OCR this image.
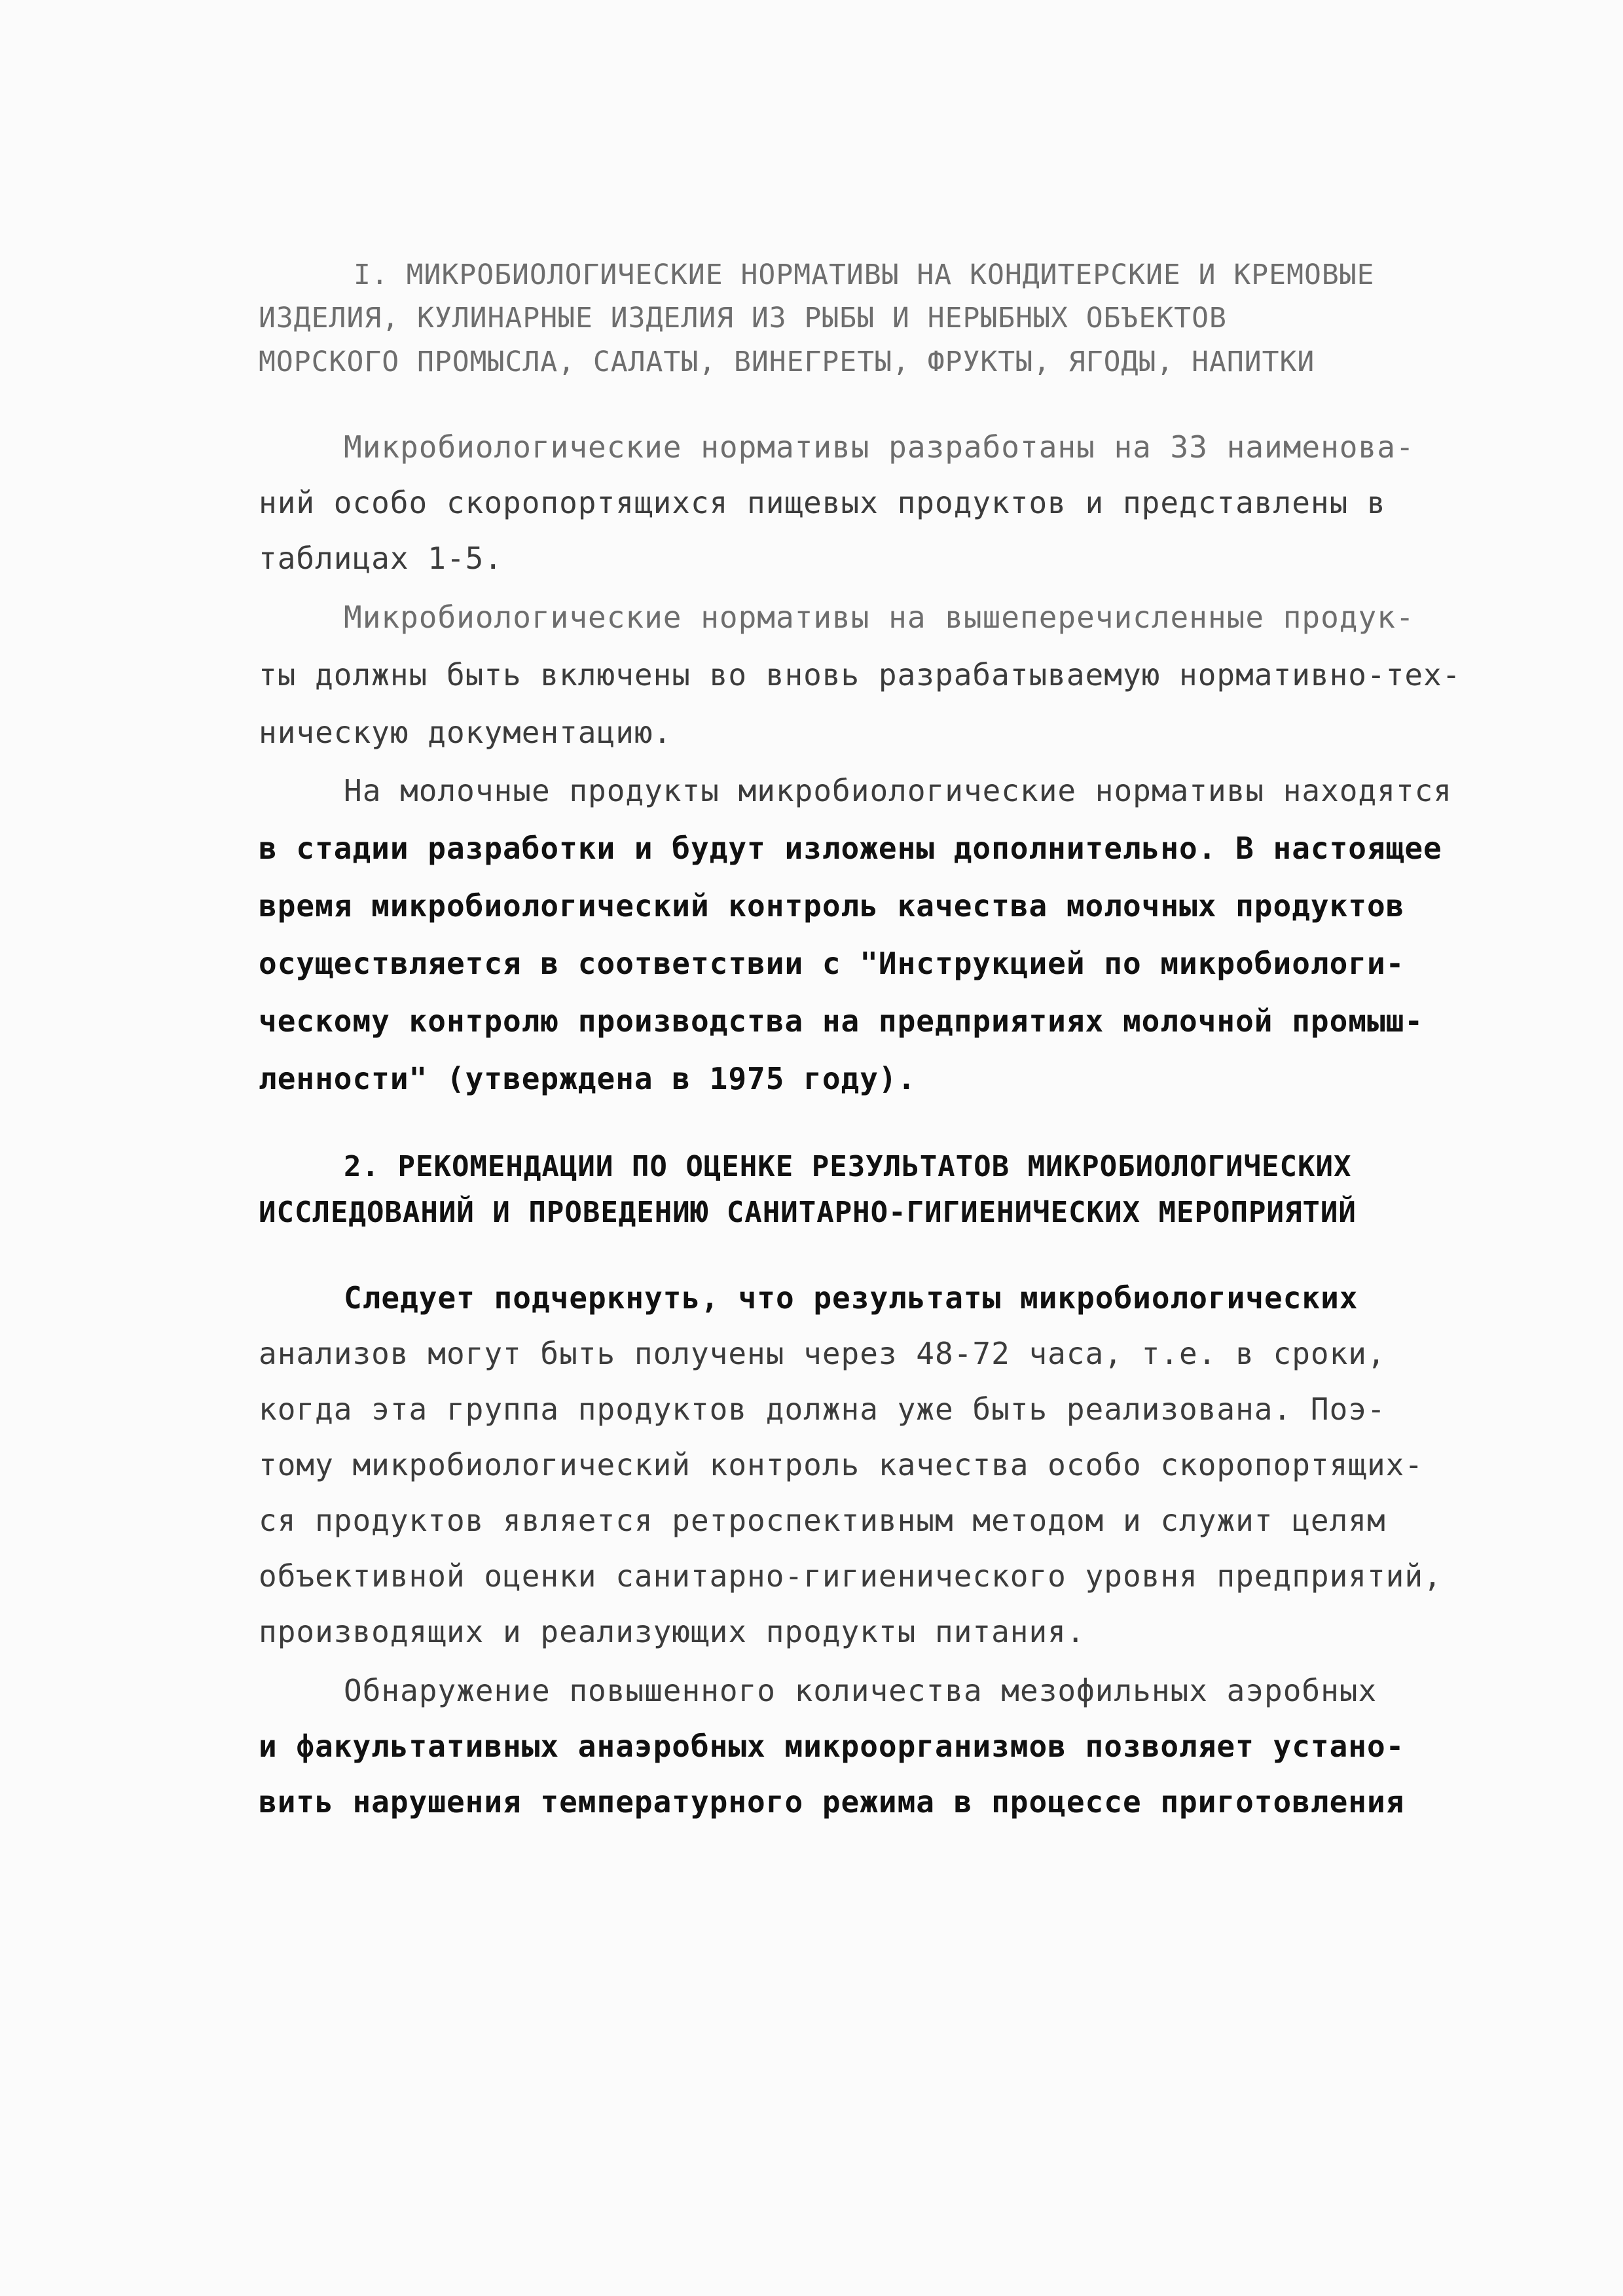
I. МИКРОБИОЛОГИЧЕСКИЕ НОРМАТИВЫ НА КОНДИТЕРСКИЕ И КРЕМОВЫЕ
ИЗДЕЛИЯ, КУЛИНАРНЫЕ ИЗДЕЛИЯ ИЗ РЫБЫ И НЕРЫБНЫХ ОБЪЕКТОВ
МОРСКОГО ПРОМЫСЛА, САЛАТЫ, ВИНЕГРЕТЫ, ФРУКТЫ, ЯГОДЫ, НАПИТКИ
Микробиологические нормативы разработаны на 33 наименова-
ний особо скоропортящихся пищевых продуктов и представлены в
таблицах 1-5.
Микробиологические нормативы на вышеперечисленные продук-
ты должны быть включены во вновь разрабатываемую нормативно-тех-
ническую документацию.
На молочные продукты микробиологические нормативы находятся
в стадии разработки и будут изложены дополнительно. В настоящее
время микробиологический контроль качества молочных продуктов
осуществляется в соответствии с "Инструкцией по микробиологи-
ческому контролю производства на предприятиях молочной промыш-
ленности" (утверждена в 1975 году).
2. РЕКОМЕНДАЦИИ ПО ОЦЕНКЕ РЕЗУЛЬТАТОВ МИКРОБИОЛОГИЧЕСКИХ
ИССЛЕДОВАНИЙ И ПРОВЕДЕНИЮ САНИТАРНО-ГИГИЕНИЧЕСКИХ МЕРОПРИЯТИЙ
Следует подчеркнуть, что результаты микробиологических
анализов могут быть получены через 48-72 часа, т.е. в сроки,
когда эта группа продуктов должна уже быть реализована. Поэ-
тому микробиологический контроль качества особо скоропортящих-
ся продуктов является ретроспективным методом и служит целям
объективной оценки санитарно-гигиенического уровня предприятий,
производящих и реализующих продукты питания.
Обнаружение повышенного количества мезофильных аэробных
и факультативных анаэробных микроорганизмов позволяет устано-
вить нарушения температурного режима в процессе приготовления
